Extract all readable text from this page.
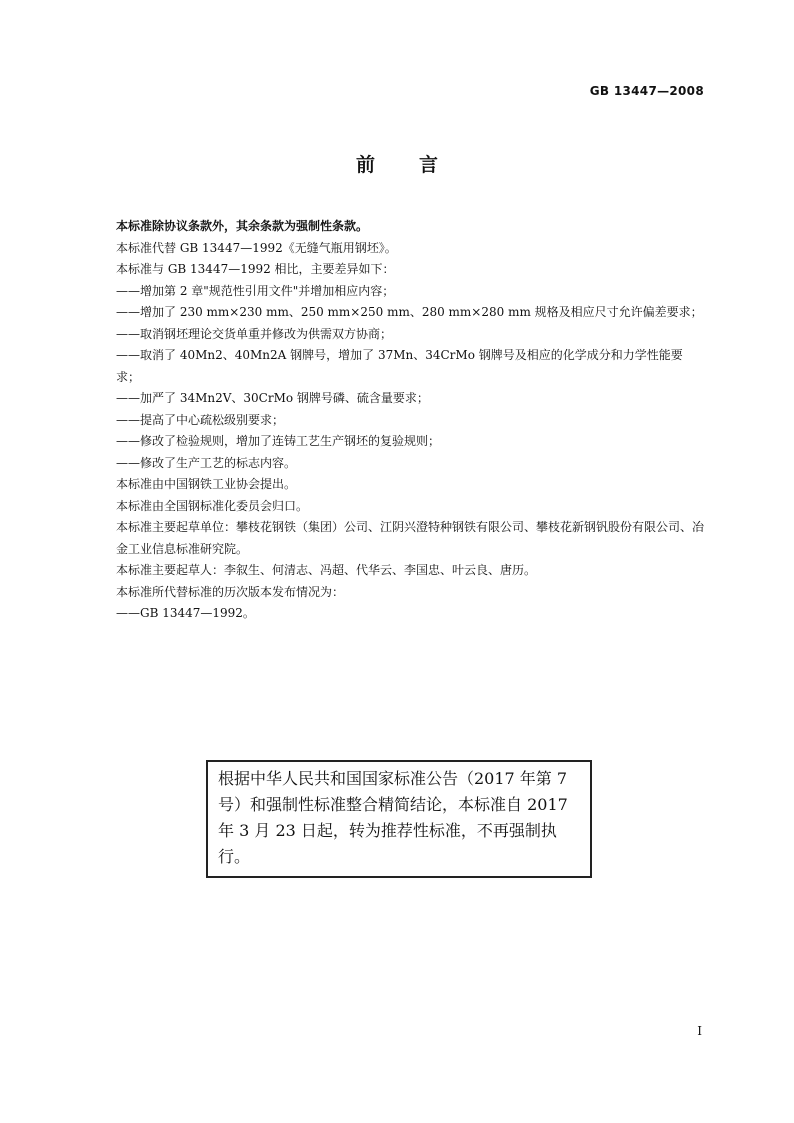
GB 13447—2008
前言

本标准除协议条款外，其余条款为强制性条款。

本标准代替 GB 13447—1992《无缝气瓶用钢坯》。

本标准与 GB 13447—1992 相比，主要差异如下：

——增加第 2 章"规范性引用文件"并增加相应内容；

——增加了 230 mm×230 mm、250 mm×250 mm、280 mm×280 mm 规格及相应尺寸允许偏差要求；

——取消钢坯理论交货单重并修改为供需双方协商；

——取消了 40Mn2、40Mn2A 钢牌号，增加了 37Mn、34CrMo 钢牌号及相应的化学成分和力学性能要求；

——加严了 34Mn2V、30CrMo 钢牌号磷、硫含量要求；

——提高了中心疏松级别要求；

——修改了检验规则，增加了连铸工艺生产钢坯的复验规则；

——修改了生产工艺的标志内容。

本标准由中国钢铁工业协会提出。

本标准由全国钢标准化委员会归口。

本标准主要起草单位：攀枝花钢铁（集团）公司、江阴兴澄特种钢铁有限公司、攀枝花新钢钒股份有限公司、冶金工业信息标准研究院。

本标准主要起草人：李叙生、何清志、冯超、代华云、李国忠、叶云良、唐历。

本标准所代替标准的历次版本发布情况为：

——GB 13447—1992。

根据中华人民共和国国家标准公告（2017 年第 7 号）和强制性标准整合精简结论，本标准自 2017 年 3 月 23 日起，转为推荐性标准，不再强制执行。
I
